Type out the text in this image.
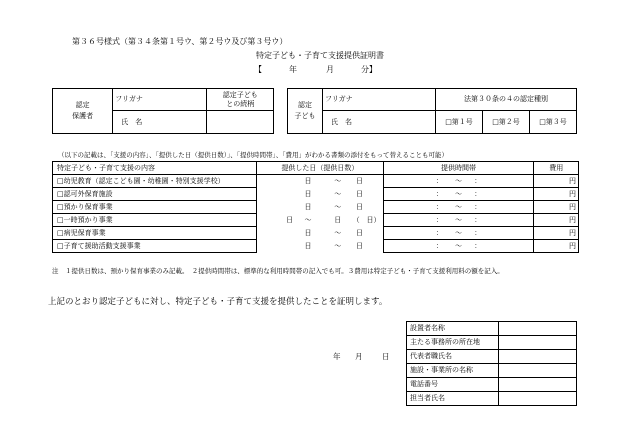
第３６号様式（第３４条第１号ウ、第２号ウ及び第３号ウ）
特定子ども・子育て支援提供証明書
【	年	月	分】
認定
保護者	フリガナ	認定子ども
との続柄
	氏　名	
認定
子ども	フリガナ	法第３０条の４の認定種別		
	氏　名	□第１号	□第２号	□第３号
（以下の記載は、「支援の内容」、「提供した日（提供日数）」、「提供時間帯」、「費用」がわかる書類の添付をもって替えることも可能）
特定子ども・子育て支援の内容	提供した日（提供日数）					提供時間帯	費用
□幼児教育（認定こども園・幼稚園・特別支援学校）		日	〜	日		： 〜 ：	円
□認可外保育施設		日	〜	日		： 〜 ：	円
□預かり保育事業		日	〜	日		： 〜 ：	円
□一時預かり事業	日	〜	日	（	日）	： 〜 ：	円
□病児保育事業		日	〜	日		： 〜 ：	円
□子育て援助活動支援事業		日	〜	日		： 〜 ：	円
注　１提供日数は、預かり保育事業のみ記載。　２提供時間帯は、標準的な利用時間帯の記入でも可。３費用は特定子ども・子育て支援利用料の額を記入。
上記のとおり認定子どもに対し、特定子ども・子育て支援を提供したことを証明します。
年 月	日
設置者名称	
主たる事務所の所在地	
代表者職氏名	
施設・事業所の名称	
電話番号	
担当者氏名	
